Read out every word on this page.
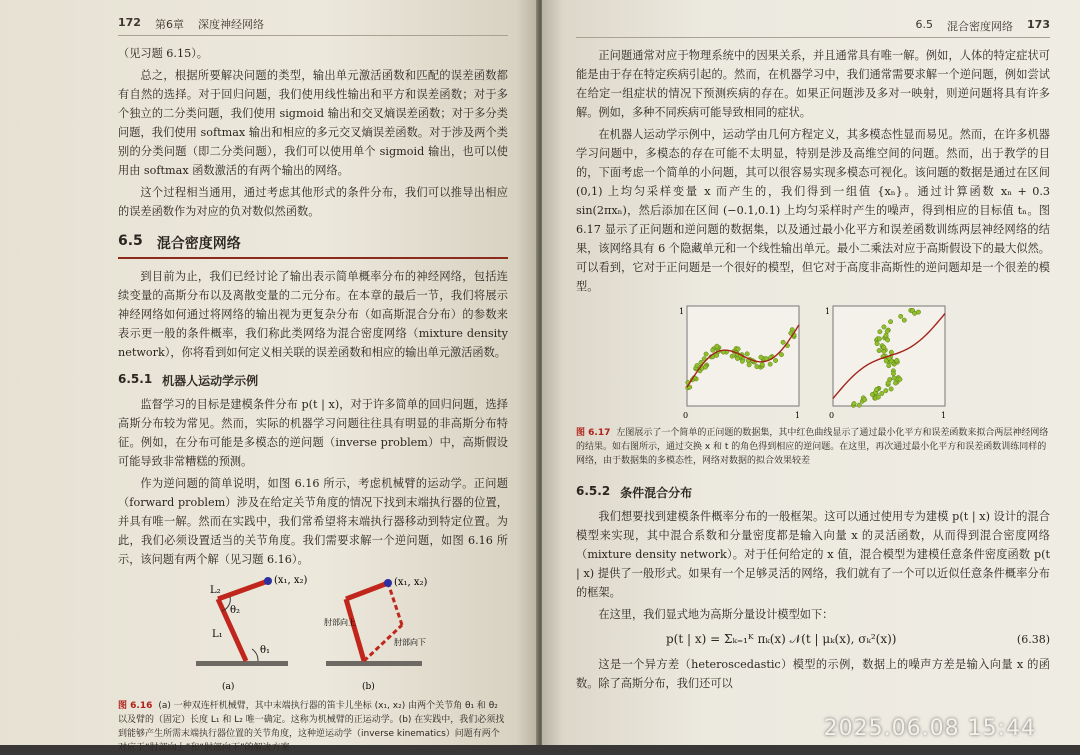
172 第6章 深度神经网络

（见习题 6.15）。

总之，根据所要解决问题的类型，输出单元激活函数和匹配的误差函数都有自然的选择。对于回归问题，我们使用线性输出和平方和误差函数；对于多个独立的二分类问题，我们使用 sigmoid 输出和交叉熵误差函数；对于多分类问题，我们使用 softmax 输出和相应的多元交叉熵误差函数。对于涉及两个类别的分类问题（即二分类问题），我们可以使用单个 sigmoid 输出，也可以使用由 softmax 函数激活的有两个输出的网络。

这个过程相当通用，通过考虑其他形式的条件分布，我们可以推导出相应的误差函数作为对应的负对数似然函数。

6.5 混合密度网络

到目前为止，我们已经讨论了输出表示简单概率分布的神经网络，包括连续变量的高斯分布以及离散变量的二元分布。在本章的最后一节，我们将展示神经网络如何通过将网络的输出视为更复杂分布（如高斯混合分布）的参数来表示更一般的条件概率，我们称此类网络为混合密度网络（mixture density network），你将看到如何定义相关联的误差函数和相应的输出单元激活函数。

6.5.1 机器人运动学示例

监督学习的目标是建模条件分布 p(t | x)，对于许多简单的回归问题，选择高斯分布较为常见。然而，实际的机器学习问题往往具有明显的非高斯分布特征。例如，在分布可能是多模态的逆问题（inverse problem）中，高斯假设可能导致非常糟糕的预测。

作为逆问题的简单说明，如图 6.16 所示，考虑机械臂的运动学。正问题（forward problem）涉及在给定关节角度的情况下找到末端执行器的位置，并具有唯一解。然而在实践中，我们常希望将末端执行器移动到特定位置。为此，我们必须设置适当的关节角度。我们需要求解一个逆问题，如图 6.16 所示，该问题有两个解（见习题 6.16）。

L₂
L₁
θ₁
θ₂
(x₁, x₂)
(a)
(x₁, x₂)
肘部向上
肘部向下
(b)
图 6.16 (a) 一种双连杆机械臂，其中末端执行器的笛卡儿坐标 (x₁, x₂) 由两个关节角 θ₁ 和 θ₂ 以及臂的（固定）长度 L₁ 和 L₂ 唯一确定。这称为机械臂的正运动学。(b) 在实践中，我们必须找到能够产生所需末端执行器位置的关节角度，这种逆运动学（inverse kinematics）问题有两个对应于“肘部向上”和“肘部向下”的解决方案
6.5 混合密度网络 173

正问题通常对应于物理系统中的因果关系，并且通常具有唯一解。例如，人体的特定症状可能是由于存在特定疾病引起的。然而，在机器学习中，我们通常需要求解一个逆问题，例如尝试在给定一组症状的情况下预测疾病的存在。如果正问题涉及多对一映射，则逆问题将具有许多解。例如，多种不同疾病可能导致相同的症状。

在机器人运动学示例中，运动学由几何方程定义，其多模态性显而易见。然而，在许多机器学习问题中，多模态的存在可能不太明显，特别是涉及高维空间的问题。然而，出于教学的目的，下面考虑一个简单的小问题，其可以很容易实现多模态可视化。该问题的数据是通过在区间 (0,1) 上均匀采样变量 x 而产生的，我们得到一组值 {xₙ}。通过计算函数 xₙ + 0.3 sin(2πxₙ)，然后添加在区间 (−0.1,0.1) 上均匀采样时产生的噪声，得到相应的目标值 tₙ。图 6.17 显示了正问题和逆问题的数据集，以及通过最小化平方和误差函数训练两层神经网络的结果，该网络具有 6 个隐藏单元和一个线性输出单元。最小二乘法对应于高斯假设下的最大似然。可以看到，它对于正问题是一个很好的模型，但它对于高度非高斯性的逆问题却是一个很差的模型。

0	1
1
0	1
1
图 6.17 左图展示了一个简单的正问题的数据集，其中红色曲线显示了通过最小化平方和误差函数来拟合两层神经网络的结果。如右图所示，通过交换 x 和 t 的角色得到相应的逆问题。在这里，再次通过最小化平方和误差函数训练同样的网络，由于数据集的多模态性，网络对数据的拟合效果较差
6.5.2 条件混合分布

我们想要找到建模条件概率分布的一般框架。这可以通过使用专为建模 p(t | x) 设计的混合模型来实现，其中混合系数和分量密度都是输入向量 x 的灵活函数，从而得到混合密度网络（mixture density network）。对于任何给定的 x 值，混合模型为建模任意条件密度函数 p(t | x) 提供了一般形式。如果有一个足够灵活的网络，我们就有了一个可以近似任意条件概率分布的框架。

在这里，我们显式地为高斯分量设计模型如下：

p(t | x) = Σₖ₌₁ᴷ πₖ(x) 𝒩(t | μₖ(x), σₖ²(x))	(6.38)

这是一个异方差（heteroscedastic）模型的示例，数据上的噪声方差是输入向量 x 的函数。除了高斯分布，我们还可以

2025.06.08 15:44
